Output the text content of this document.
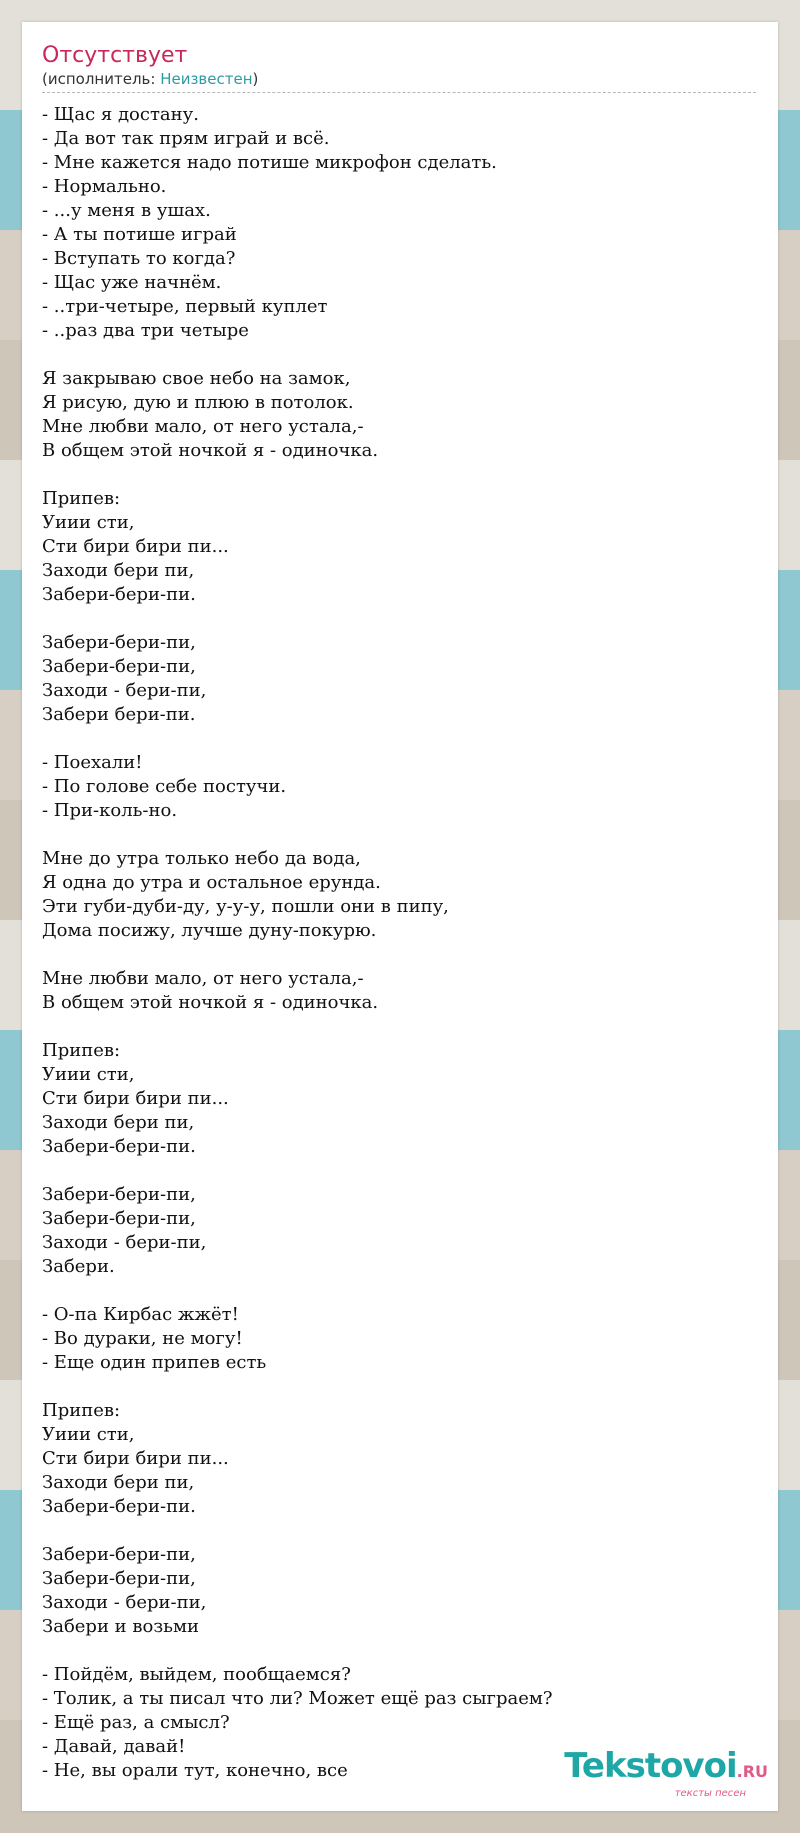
Отсутствует
(исполнитель: Неизвестен)
- Щас я достану.
- Да вот так прям играй и всё.
- Мне кажется надо потише микрофон сделать.
- Нормально.
- ...у меня в ушах.
- А ты потише играй
- Вступать то когда?
- Щас уже начнём.
- ..три-четыре, первый куплет
- ..раз два три четыре
Я закрываю свое небо на замок,
Я рисую, дую и плюю в потолок.
Мне любви мало, от него устала,-
В общем этой ночкой я - одиночка.
Припев:
Уиии сти,
Сти бири бири пи...
Заходи бери пи,
Забери-бери-пи.
Забери-бери-пи,
Забери-бери-пи,
Заходи - бери-пи,
Забери бери-пи.
- Поехали!
- По голове себе постучи.
- При-коль-но.
Мне до утра только небо да вода,
Я одна до утра и остальное ерунда.
Эти губи-дуби-ду, у-у-у, пошли они в пипу,
Дома посижу, лучше дуну-покурю.
Мне любви мало, от него устала,-
В общем этой ночкой я - одиночка.
Припев:
Уиии сти,
Сти бири бири пи...
Заходи бери пи,
Забери-бери-пи.
Забери-бери-пи,
Забери-бери-пи,
Заходи - бери-пи,
Забери.
- О-па Кирбас жжёт!
- Во дураки, не могу!
- Еще один припев есть
Припев:
Уиии сти,
Сти бири бири пи...
Заходи бери пи,
Забери-бери-пи.
Забери-бери-пи,
Забери-бери-пи,
Заходи - бери-пи,
Забери и возьми
- Пойдём, выйдем, пообщаемся?
- Толик, а ты писал что ли? Может ещё раз сыграем?
- Ещё раз, а смысл?
- Давай, давай!
- Не, вы орали тут, конечно, все	Tekstovoi.RU
тексты песен
